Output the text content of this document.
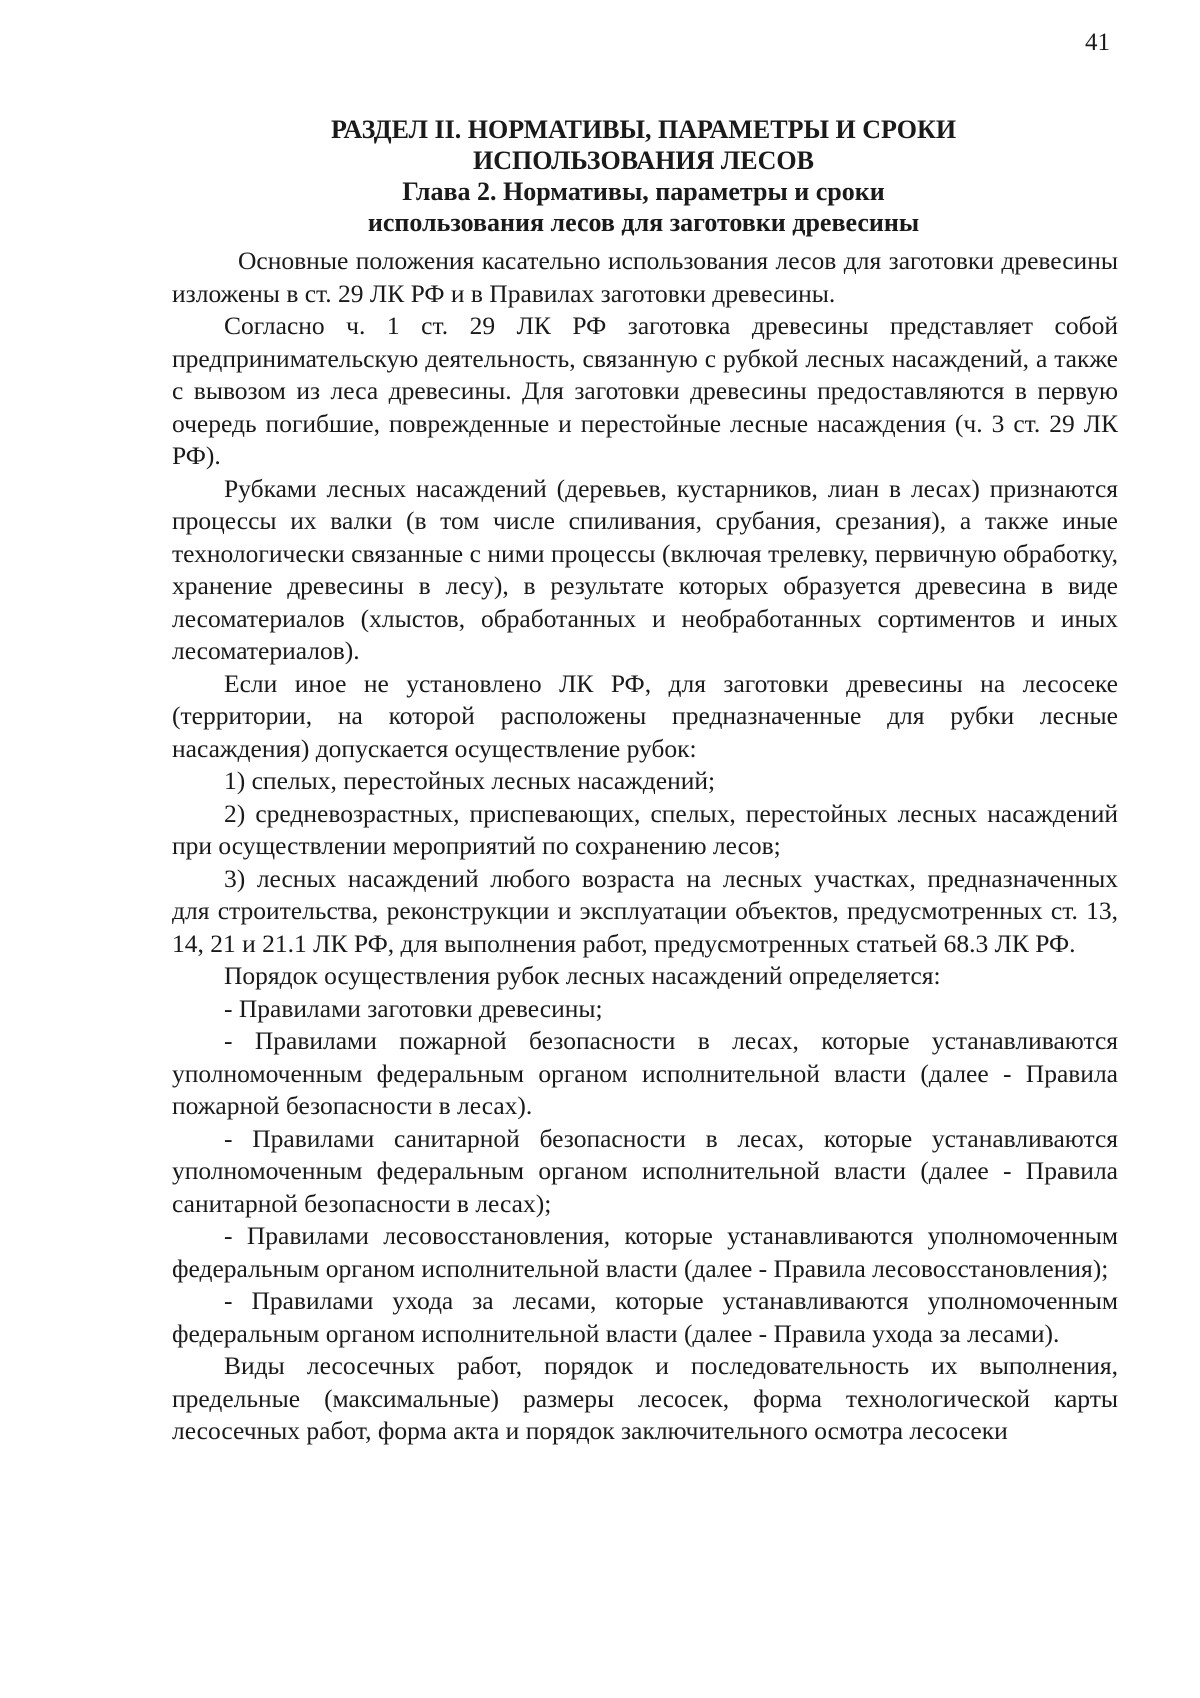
41
РАЗДЕЛ II. НОРМАТИВЫ, ПАРАМЕТРЫ И СРОКИ
ИСПОЛЬЗОВАНИЯ ЛЕСОВ
Глава 2. Нормативы, параметры и сроки
использования лесов для заготовки древесины

Основные положения касательно использования лесов для заготовки древесины изложены в ст. 29 ЛК РФ и в Правилах заготовки древесины.

Согласно ч. 1 ст. 29 ЛК РФ заготовка древесины представляет собой предпринимательскую деятельность, связанную с рубкой лесных насаждений, а также с вывозом из леса древесины. Для заготовки древесины предоставляются в первую очередь погибшие, поврежденные и перестойные лесные насаждения (ч. 3 ст. 29 ЛК РФ).

Рубками лесных насаждений (деревьев, кустарников, лиан в лесах) признаются процессы их валки (в том числе спиливания, срубания, срезания), а также иные технологически связанные с ними процессы (включая трелевку, первичную обработку, хранение древесины в лесу), в результате которых образуется древесина в виде лесоматериалов (хлыстов, обработанных и необработанных сортиментов и иных лесоматериалов).

Если иное не установлено ЛК РФ, для заготовки древесины на лесосеке (территории, на которой расположены предназначенные для рубки лесные насаждения) допускается осуществление рубок:

1) спелых, перестойных лесных насаждений;

2) средневозрастных, приспевающих, спелых, перестойных лесных насаждений при осуществлении мероприятий по сохранению лесов;

3) лесных насаждений любого возраста на лесных участках, предназначенных для строительства, реконструкции и эксплуатации объектов, предусмотренных ст. 13, 14, 21 и 21.1 ЛК РФ, для выполнения работ, предусмотренных статьей 68.3 ЛК РФ.

Порядок осуществления рубок лесных насаждений определяется:

- Правилами заготовки древесины;

- Правилами пожарной безопасности в лесах, которые устанавливаются уполномоченным федеральным органом исполнительной власти (далее - Правила пожарной безопасности в лесах).

- Правилами санитарной безопасности в лесах, которые устанавливаются уполномоченным федеральным органом исполнительной власти (далее - Правила санитарной безопасности в лесах);

- Правилами лесовосстановления, которые устанавливаются уполномоченным федеральным органом исполнительной власти (далее - Правила лесовосстановления);

- Правилами ухода за лесами, которые устанавливаются уполномоченным федеральным органом исполнительной власти (далее - Правила ухода за лесами).

Виды лесосечных работ, порядок и последовательность их выполнения, предельные (максимальные) размеры лесосек, форма технологической карты лесосечных работ, форма акта и порядок заключительного осмотра лесосеки
